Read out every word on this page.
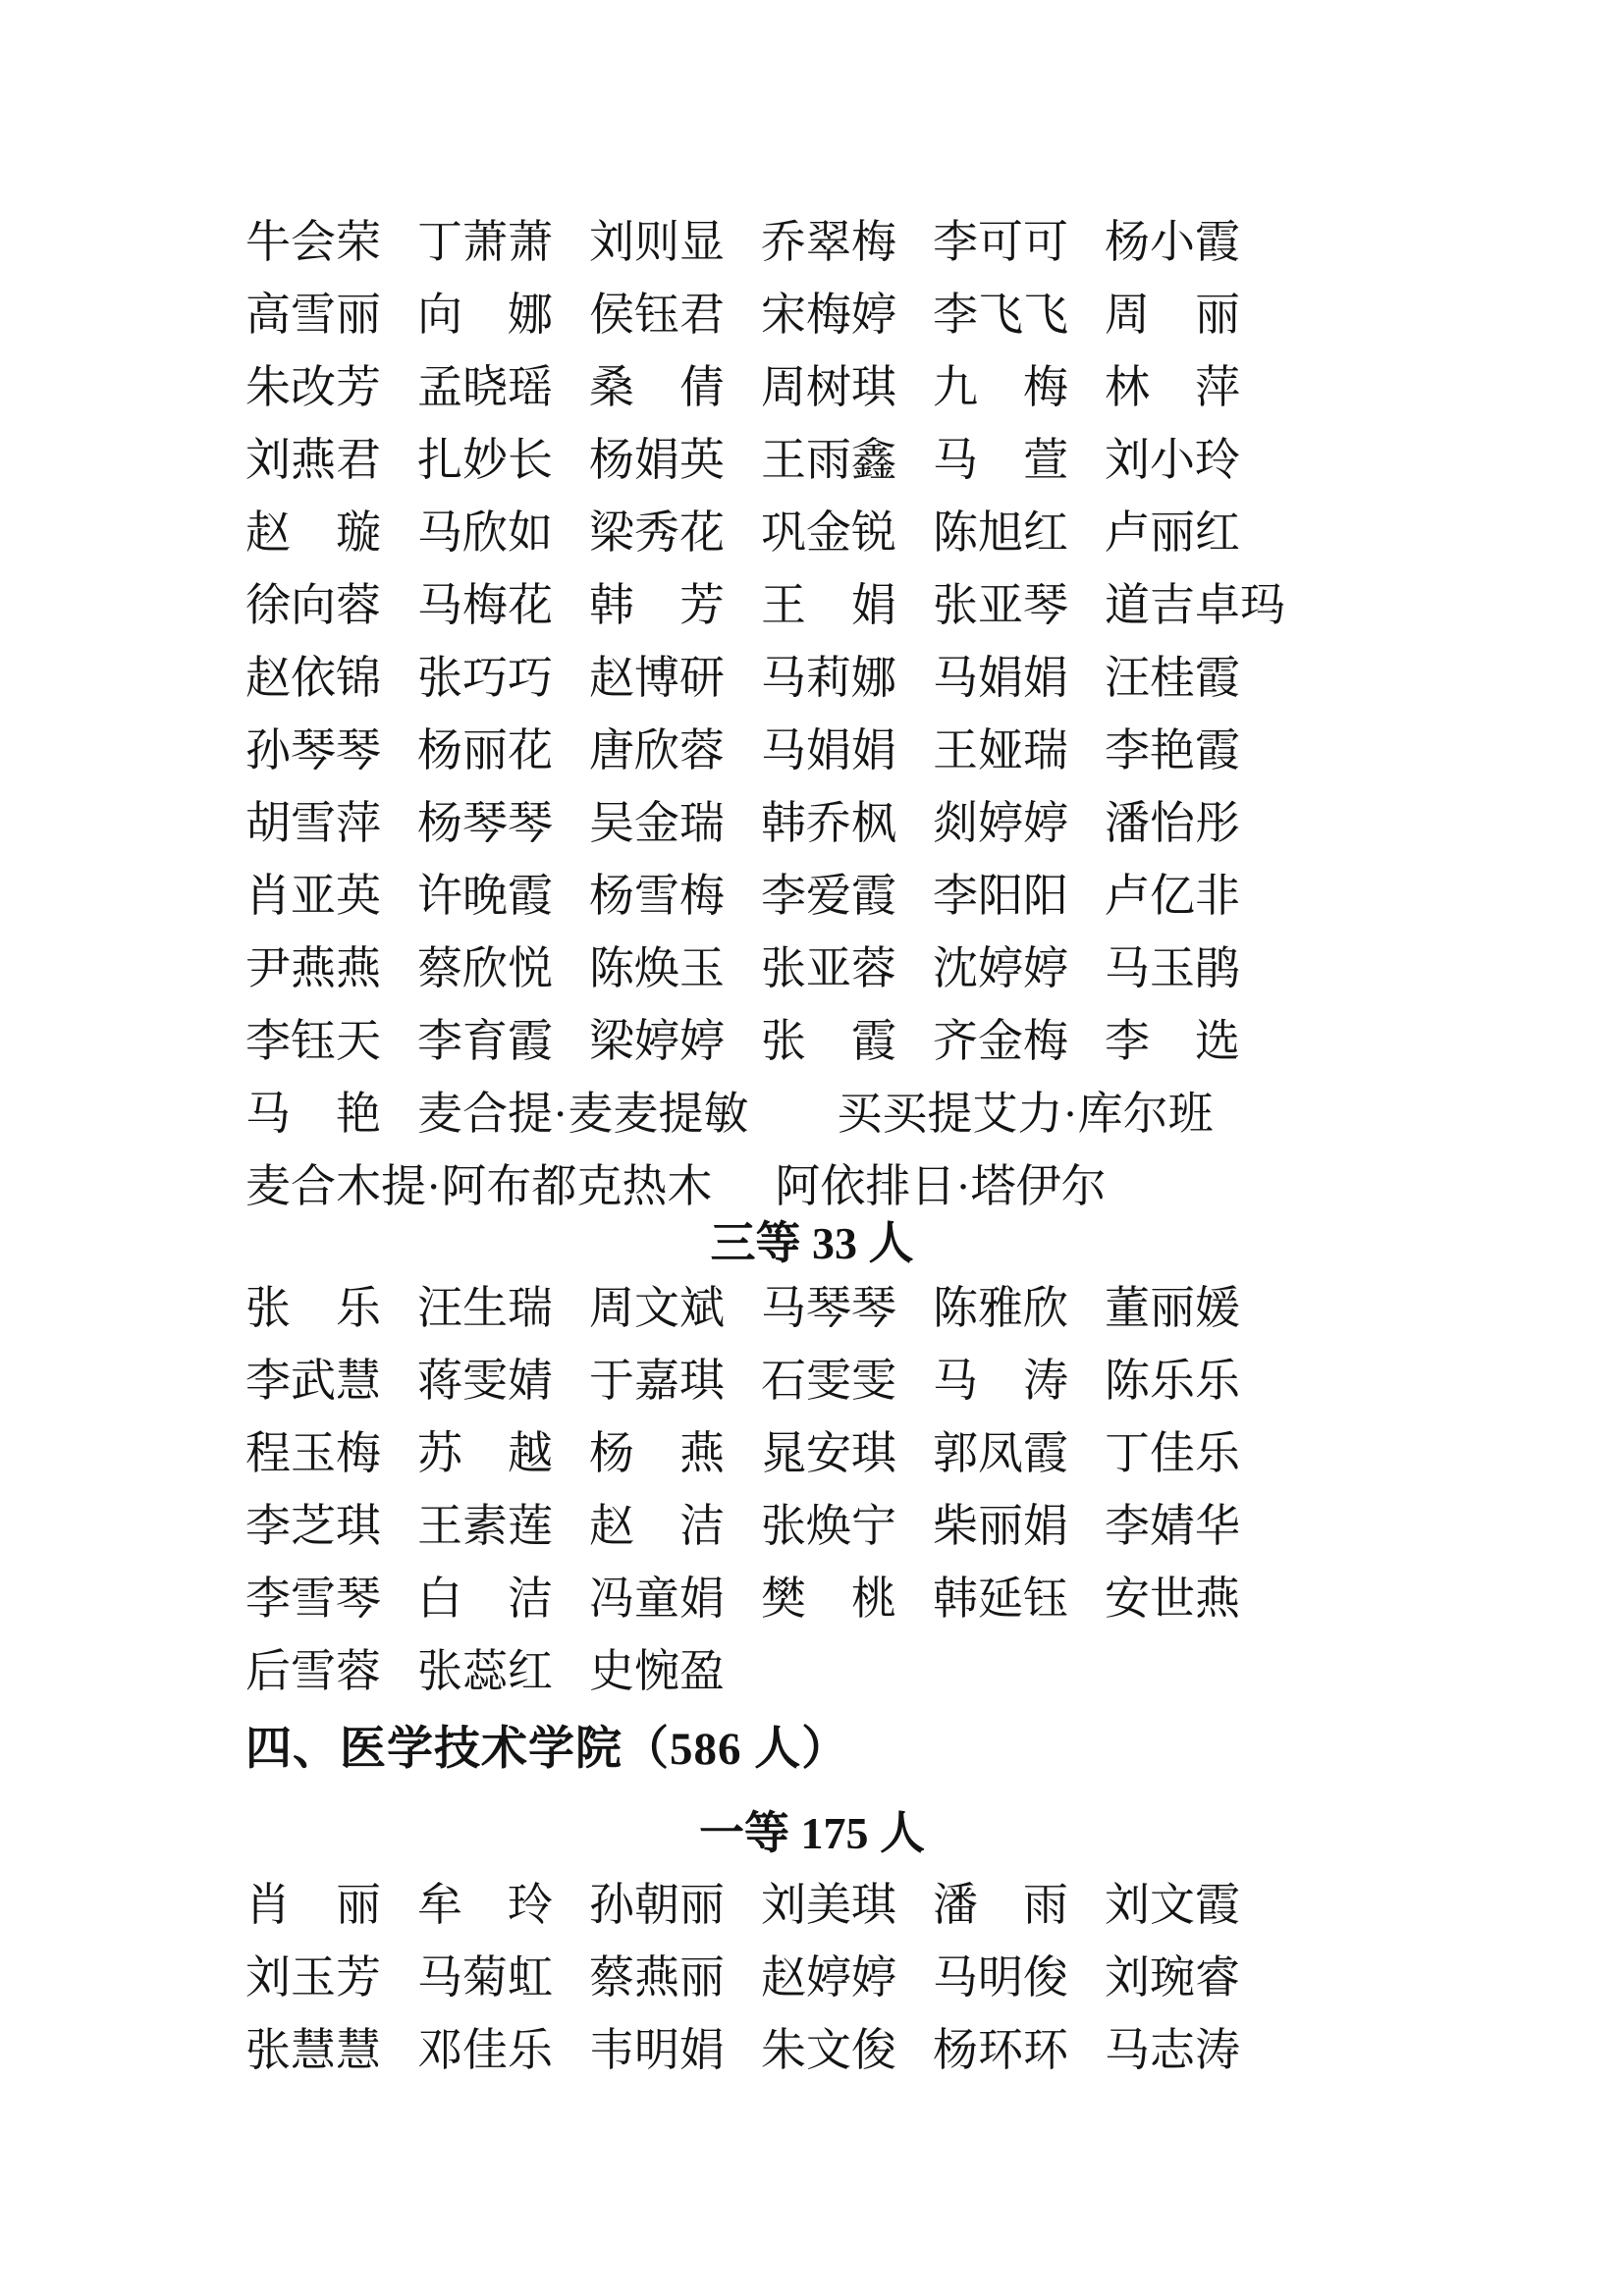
牛会荣 丁萧萧 刘则显 乔翠梅 李可可 杨小霞
高雪丽 向　娜 侯钰君 宋梅婷 李飞飞 周　丽
朱改芳 孟晓瑶 桑　倩 周树琪 九　梅 林　萍
刘燕君 扎妙长 杨娟英 王雨鑫 马　萱 刘小玲
赵　璇 马欣如 梁秀花 巩金锐 陈旭红 卢丽红
徐向蓉 马梅花 韩　芳 王　娟 张亚琴 道吉卓玛
赵依锦 张巧巧 赵博研 马莉娜 马娟娟 汪桂霞
孙琴琴 杨丽花 唐欣蓉 马娟娟 王娅瑞 李艳霞
胡雪萍 杨琴琴 吴金瑞 韩乔枫 剡婷婷 潘怡彤
肖亚英 许晚霞 杨雪梅 李爱霞 李阳阳 卢亿非
尹燕燕 蔡欣悦 陈焕玉 张亚蓉 沈婷婷 马玉鹃
李钰天 李育霞 梁婷婷 张　霞 齐金梅 李　选
马　艳 麦合提·麦麦提敏 买买提艾力·库尔班
麦合木提·阿布都克热木 阿依排日·塔伊尔
三等 33 人
张　乐 汪生瑞 周文斌 马琴琴 陈雅欣 董丽媛
李武慧 蒋雯婧 于嘉琪 石雯雯 马　涛 陈乐乐
程玉梅 苏　越 杨　燕 晁安琪 郭凤霞 丁佳乐
李芝琪 王素莲 赵　洁 张焕宁 柴丽娟 李婧华
李雪琴 白　洁 冯童娟 樊　桃 韩延钰 安世燕
后雪蓉 张蕊红 史惋盈
四、医学技术学院（586 人）
一等 175 人
肖　丽 牟　玲 孙朝丽 刘美琪 潘　雨 刘文霞
刘玉芳 马菊虹 蔡燕丽 赵婷婷 马明俊 刘琬睿
张慧慧 邓佳乐 韦明娟 朱文俊 杨环环 马志涛
